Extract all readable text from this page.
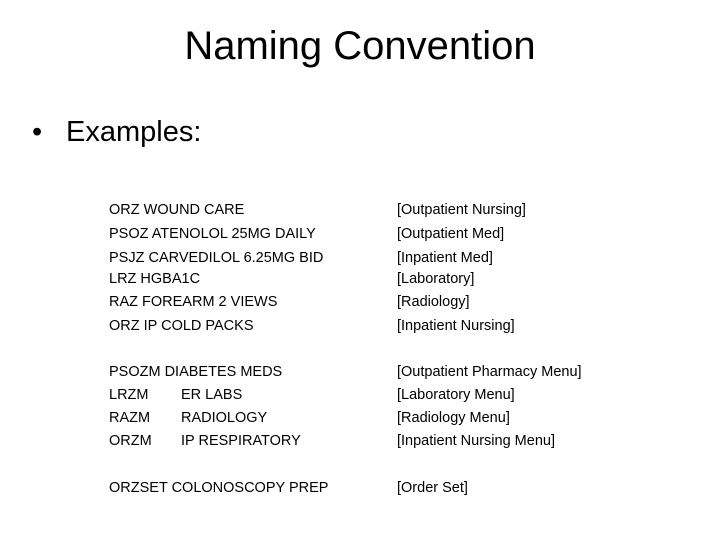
Naming Convention
• Examples:
ORZ WOUND CARE	[Outpatient Nursing]
PSOZ ATENOLOL 25MG DAILY	[Outpatient Med]
PSJZ CARVEDILOL 6.25MG BID	[Inpatient Med]
LRZ HGBA1C	[Laboratory]
RAZ FOREARM 2 VIEWS	[Radiology]
ORZ IP COLD PACKS	[Inpatient Nursing]
PSOZM DIABETES MEDS	[Outpatient Pharmacy Menu]
LRZM ER LABS	[Laboratory Menu]
RAZM RADIOLOGY	[Radiology Menu]
ORZM IP RESPIRATORY	[Inpatient Nursing Menu]
ORZSET COLONOSCOPY PREP	[Order Set]
